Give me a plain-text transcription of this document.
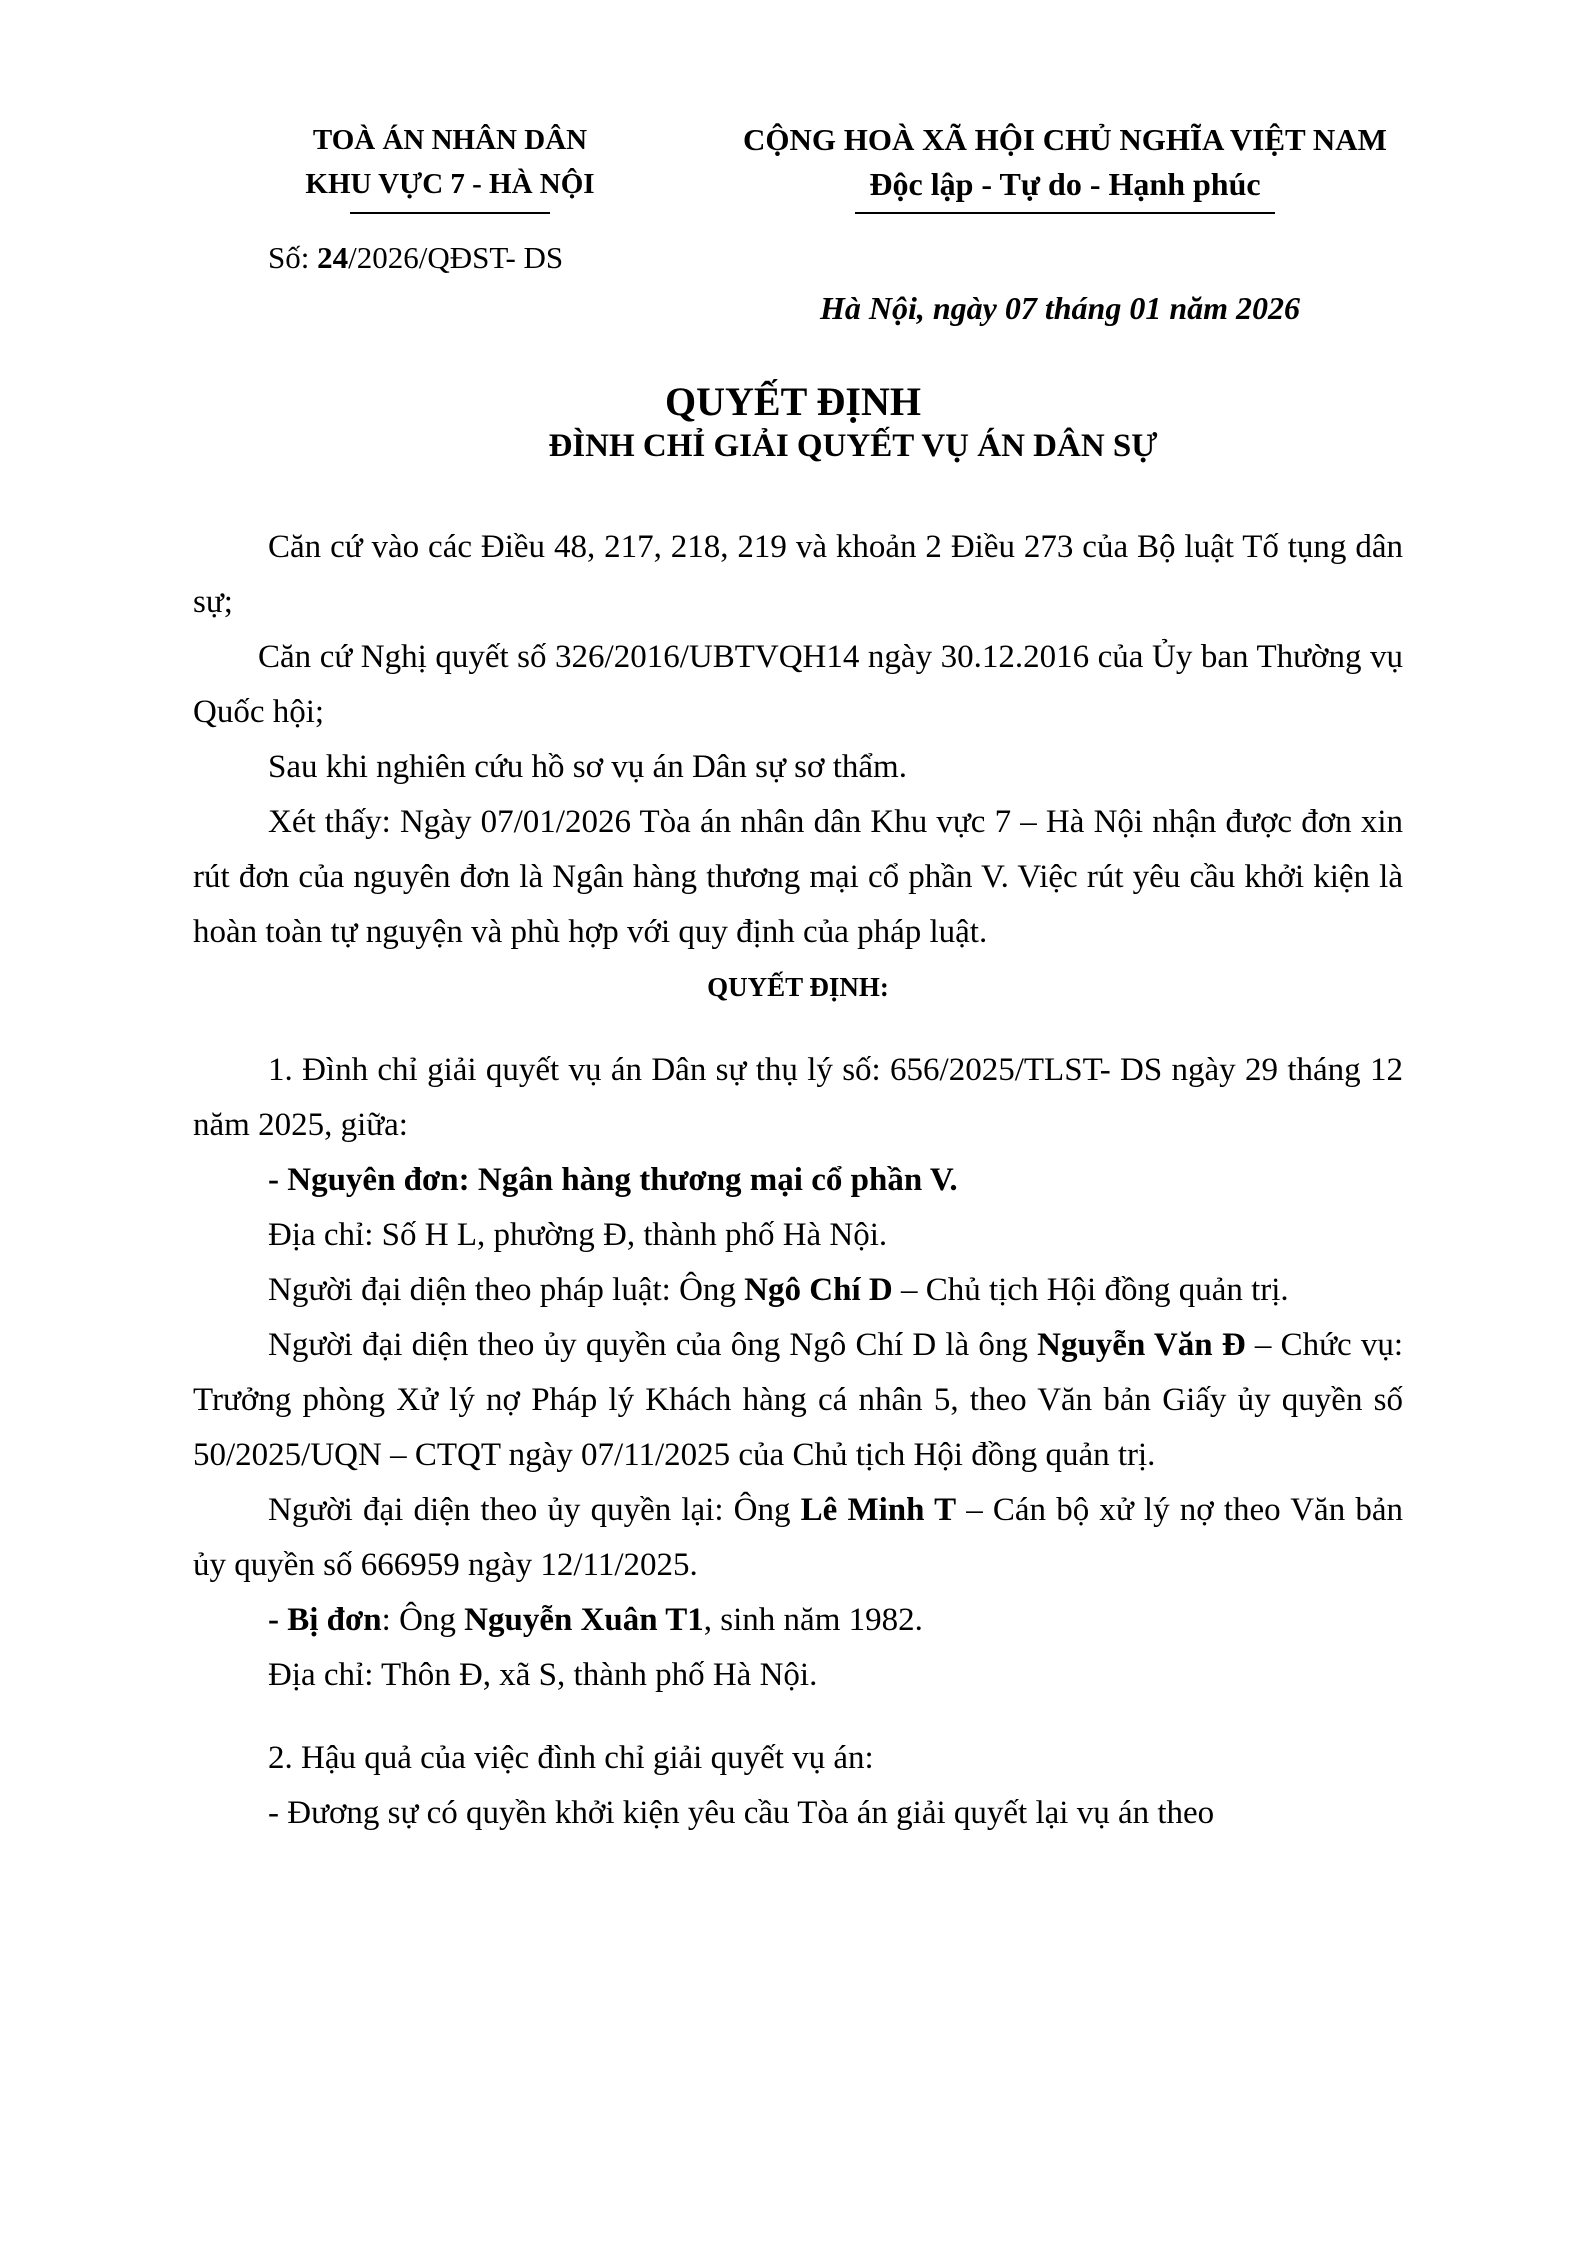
TOÀ ÁN NHÂN DÂN
KHU VỰC 7 - HÀ NỘI
Số: 24/2026/QĐST- DS
CỘNG HOÀ XÃ HỘI CHỦ NGHĨA VIỆT NAM
Độc lập - Tự do - Hạnh phúc
Hà Nội, ngày 07 tháng 01 năm 2026
QUYẾT ĐỊNH
ĐÌNH CHỈ GIẢI QUYẾT VỤ ÁN DÂN SỰ

Căn cứ vào các Điều 48, 217, 218, 219 và khoản 2 Điều 273 của Bộ luật Tố tụng dân sự;

Căn cứ Nghị quyết số 326/2016/UBTVQH14 ngày 30.12.2016 của Ủy ban Thường vụ Quốc hội;

Sau khi nghiên cứu hồ sơ vụ án Dân sự sơ thẩm.

Xét thấy: Ngày 07/01/2026 Tòa án nhân dân Khu vực 7 – Hà Nội nhận được đơn xin rút đơn của nguyên đơn là Ngân hàng thương mại cổ phần V. Việc rút yêu cầu khởi kiện là hoàn toàn tự nguyện và phù hợp với quy định của pháp luật.

QUYẾT ĐỊNH:

1. Đình chỉ giải quyết vụ án Dân sự thụ lý số: 656/2025/TLST- DS ngày 29 tháng 12 năm 2025, giữa:

- Nguyên đơn: Ngân hàng thương mại cổ phần V.

Địa chỉ: Số H L, phường Đ, thành phố Hà Nội.

Người đại diện theo pháp luật: Ông Ngô Chí D – Chủ tịch Hội đồng quản trị.

Người đại diện theo ủy quyền của ông Ngô Chí D là ông Nguyễn Văn Đ – Chức vụ: Trưởng phòng Xử lý nợ Pháp lý Khách hàng cá nhân 5, theo Văn bản Giấy ủy quyền số 50/2025/UQN – CTQT ngày 07/11/2025 của Chủ tịch Hội đồng quản trị.

Người đại diện theo ủy quyền lại: Ông Lê Minh T – Cán bộ xử lý nợ theo Văn bản ủy quyền số 666959 ngày 12/11/2025.

- Bị đơn: Ông Nguyễn Xuân T1, sinh năm 1982.

Địa chỉ: Thôn Đ, xã S, thành phố Hà Nội.

2. Hậu quả của việc đình chỉ giải quyết vụ án:

- Đương sự có quyền khởi kiện yêu cầu Tòa án giải quyết lại vụ án theo
